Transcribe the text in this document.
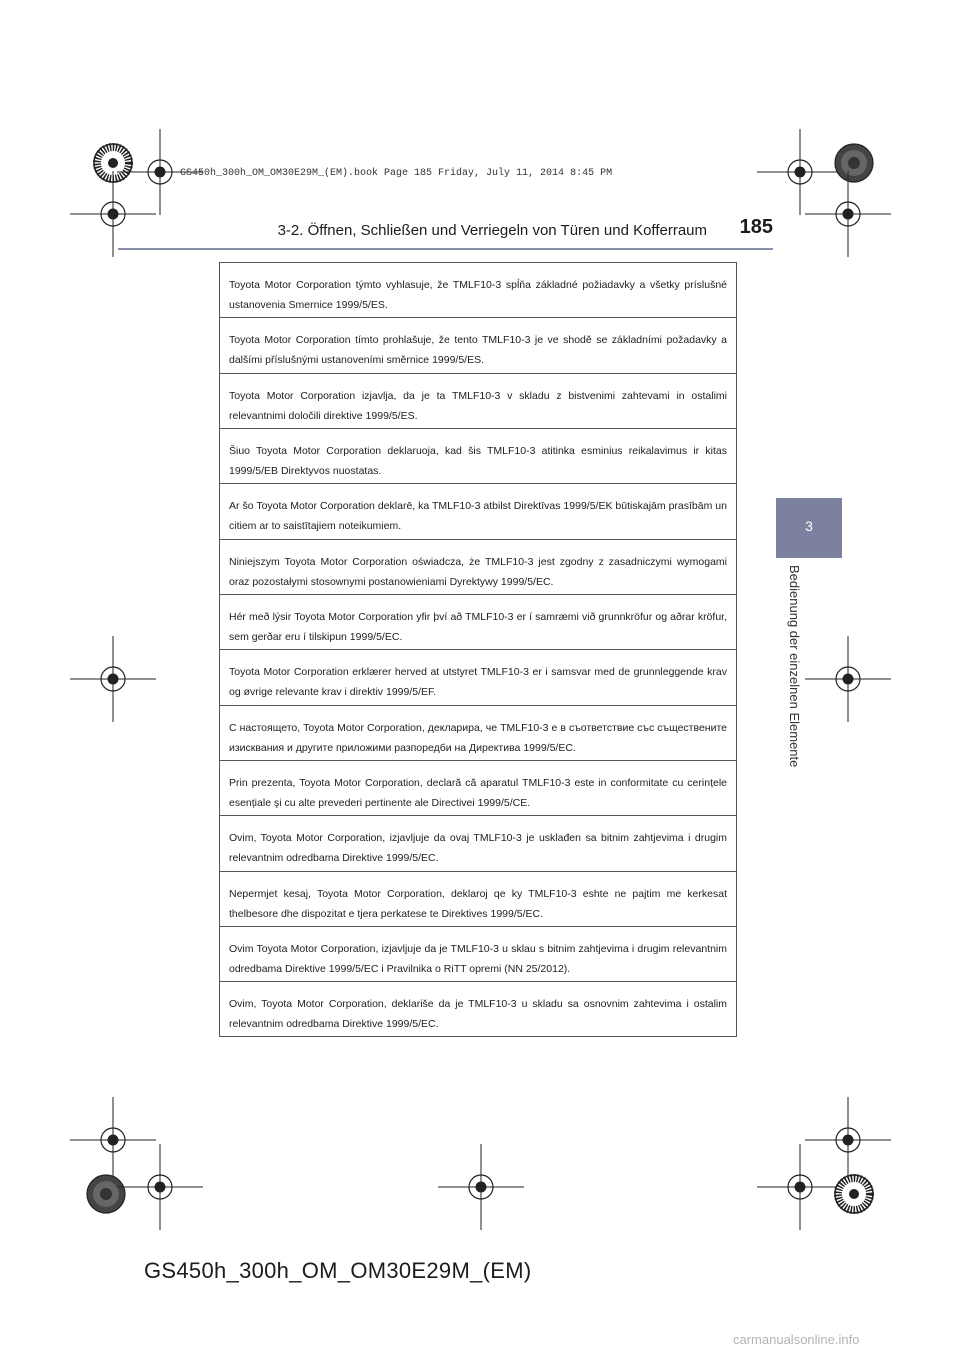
GS450h_300h_OM_OM30E29M_(EM).book Page 185 Friday, July 11, 2014 8:45 PM
3-2. Öffnen, Schließen und Verriegeln von Türen und Kofferraum 185
3
Bedienung der einzelnen Elemente
Toyota Motor Corporation týmto vyhlasuje, že TMLF10-3 spĺňa základné požiadavky a všetky príslušné ustanovenia Smernice 1999/5/ES.
Toyota Motor Corporation tímto prohlašuje, že tento TMLF10-3 je ve shodě se základními požadavky a dalšími příslušnými ustanoveními směrnice 1999/5/ES.
Toyota Motor Corporation izjavlja, da je ta TMLF10-3 v skladu z bistvenimi zahtevami in ostalimi relevantnimi določili direktive 1999/5/ES.
Šiuo Toyota Motor Corporation deklaruoja, kad šis TMLF10-3 atitinka esminius reikalavimus ir kitas 1999/5/EB Direktyvos nuostatas.
Ar šo Toyota Motor Corporation deklarē, ka TMLF10-3 atbilst Direktīvas 1999/5/EK būtiskajām prasībām un citiem ar to saistītajiem noteikumiem.
Niniejszym Toyota Motor Corporation oświadcza, że TMLF10-3 jest zgodny z zasadniczymi wymogami oraz pozostałymi stosownymi postanowieniami Dyrektywy 1999/5/EC.
Hér með lýsir Toyota Motor Corporation yfir því að TMLF10-3 er í samræmi við grunnkröfur og aðrar kröfur, sem gerðar eru í tilskipun 1999/5/EC.
Toyota Motor Corporation erklærer herved at utstyret TMLF10-3 er i samsvar med de grunnleggende krav og øvrige relevante krav i direktiv 1999/5/EF.
С настоящето, Toyota Motor Corporation, декларира, че TMLF10-3 е в съответствие със съществените изисквания и другите приложими разпоредби на Директива 1999/5/ЕС.
Prin prezenta, Toyota Motor Corporation, declară că aparatul TMLF10-3 este in conformitate cu cerințele esențiale şi cu alte prevederi pertinente ale Directivei 1999/5/CE.
Ovim, Toyota Motor Corporation, izjavljuje da ovaj TMLF10-3 je usklađen sa bitnim zahtjevima i drugim relevantnim odredbama Direktive 1999/5/EC.
Nepermjet kesaj, Toyota Motor Corporation, deklaroj qe ky TMLF10-3 eshte ne pajtim me kerkesat thelbesore dhe dispozitat e tjera perkatese te Direktives 1999/5/EC.
Ovim Toyota Motor Corporation, izjavljuje da je TMLF10-3 u sklau s bitnim zahtjevima i drugim relevantnim odredbama Direktive 1999/5/EC i Pravilnika o RiTT opremi (NN 25/2012).
Ovim, Toyota Motor Corporation, deklariše da je TMLF10-3 u skladu sa osnovnim zahtevima i ostalim relevantnim odredbama Direktive 1999/5/EC.
GS450h_300h_OM_OM30E29M_(EM)
carmanualsonline.info
